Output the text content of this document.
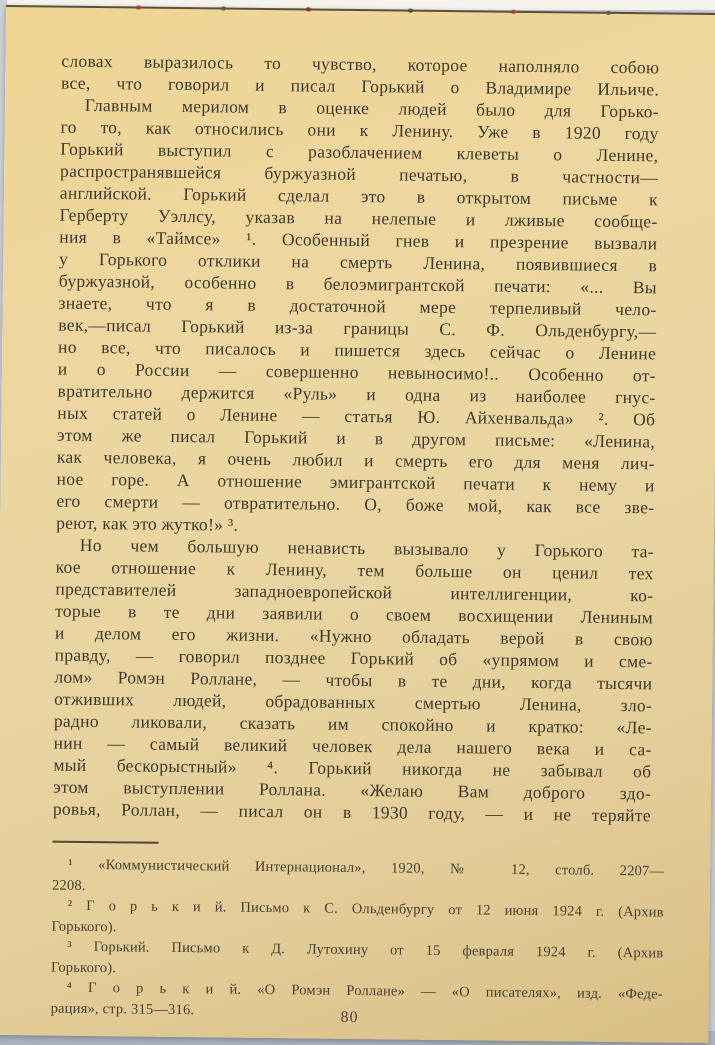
словах выразилось то чувство, которое наполняло собою
все, что говорил и писал Горький о Владимире Ильиче.
Главным мерилом в оценке людей было для Горько-
го то, как относились они к Ленину. Уже в 1920 году
Горький выступил с разоблачением клеветы о Ленине,
распространявшейся буржуазной печатью, в частности—
английской. Горький сделал это в открытом письме к
Герберту Уэллсу, указав на нелепые и лживые сообще-
ния в «Таймсе» ¹. Особенный гнев и презрение вызвали
у Горького отклики на смерть Ленина, появившиеся в
буржуазной, особенно в белоэмигрантской печати: «... Вы
знаете, что я в достаточной мере терпеливый чело-
век,—писал Горький из-за границы С. Ф. Ольденбургу,—
но все, что писалось и пишется здесь сейчас о Ленине
и о России — совершенно невыносимо!.. Особенно от-
вратительно держится «Руль» и одна из наиболее гнус-
ных статей о Ленине — статья Ю. Айхенвальда» ². Об
этом же писал Горький и в другом письме: «Ленина,
как человека, я очень любил и смерть его для меня лич-
ное горе. А отношение эмигрантской печати к нему и
его смерти — отвратительно. О, боже мой, как все зве-
реют, как это жутко!» ³.
Но чем большую ненависть вызывало у Горького та-
кое отношение к Ленину, тем больше он ценил тех
представителей западноевропейской интеллигенции, ко-
торые в те дни заявили о своем восхищении Лениным
и делом его жизни. «Нужно обладать верой в свою
правду, — говорил позднее Горький об «упрямом и сме-
лом» Ромэн Роллане, — чтобы в те дни, когда тысячи
отживших людей, обрадованных смертью Ленина, зло-
радно ликовали, сказать им спокойно и кратко: «Ле-
нин — самый великий человек дела нашего века и са-
мый бескорыстный» ⁴. Горький никогда не забывал об
этом выступлении Роллана. «Желаю Вам доброго здо-
ровья, Роллан, — писал он в 1930 году, — и не теряйте
¹ «Коммунистический Интернационал», 1920, № 12, столб. 2207—
2208.
² Г о р ь к и й. Письмо к С. Ольденбургу от 12 июня 1924 г. (Архив
Горького).
³ Горький. Письмо к Д. Лутохину от 15 февраля 1924 г. (Архив
Горького).
⁴ Г о р ь к и й. «О Ромэн Роллане» — «О писателях», изд. «Феде-
рация», стр. 315—316.	80
